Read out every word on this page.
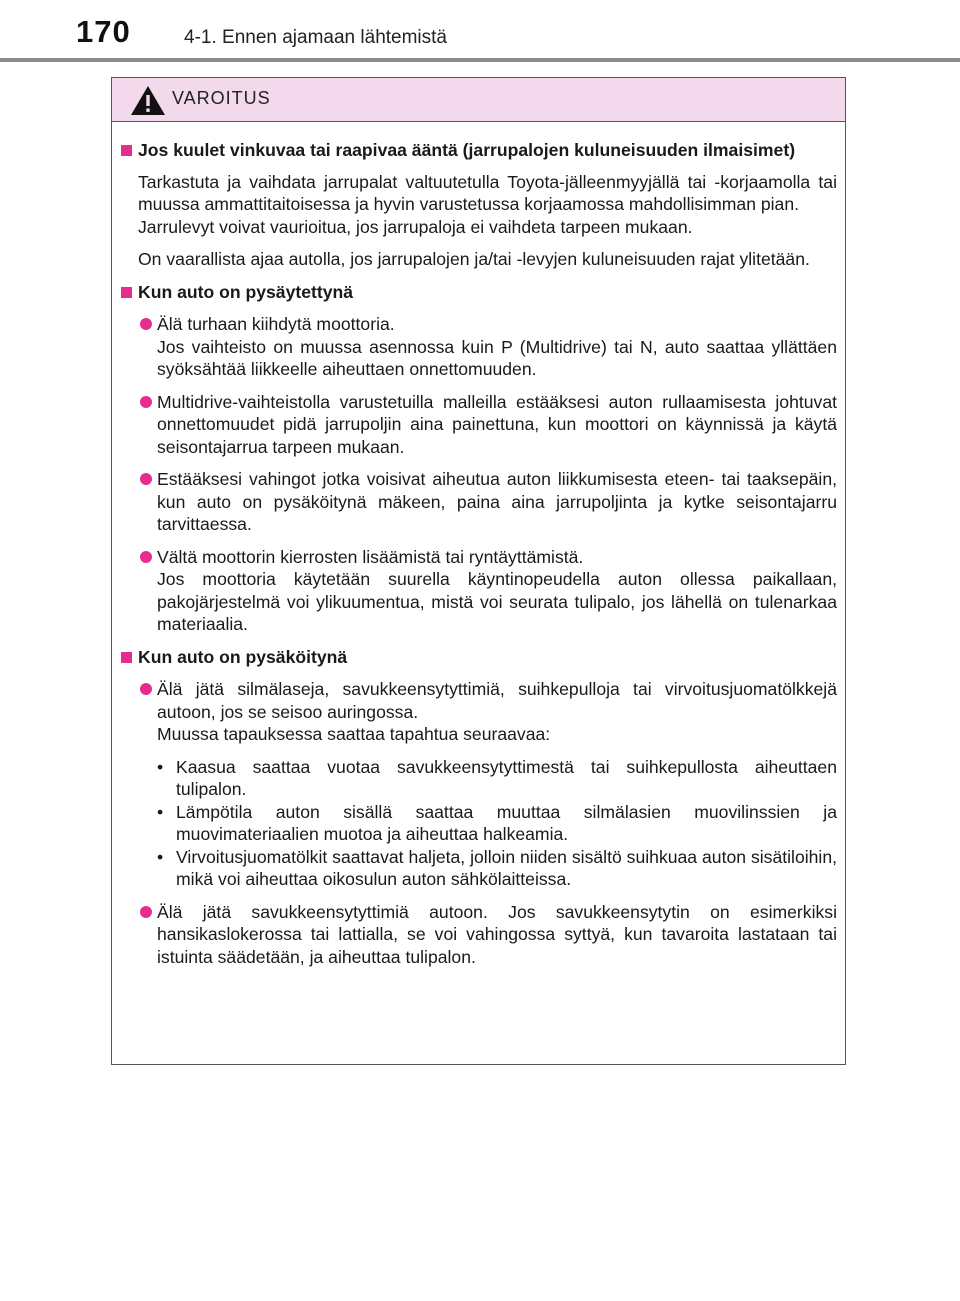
170	4-1. Ennen ajamaan lähtemistä
VAROITUS
Jos kuulet vinkuvaa tai raapivaa ääntä (jarrupalojen kuluneisuuden ilmaisimet)

Tarkastuta ja vaihdata jarrupalat valtuutetulla Toyota-jälleenmyyjällä tai -korjaamolla tai muussa ammattitaitoisessa ja hyvin varustetussa korjaamossa mahdollisimman pian.

Jarrulevyt voivat vaurioitua, jos jarrupaloja ei vaihdeta tarpeen mukaan.

On vaarallista ajaa autolla, jos jarrupalojen ja/tai -levyjen kuluneisuuden rajat ylitetään.

Kun auto on pysäytettynä
Älä turhaan kiihdytä moottoria.
Jos vaihteisto on muussa asennossa kuin P (Multidrive) tai N, auto saattaa yllättäen syöksähtää liikkeelle aiheuttaen onnettomuuden.
Multidrive-vaihteistolla varustetuilla malleilla estääksesi auton rullaamisesta johtuvat onnettomuudet pidä jarrupoljin aina painettuna, kun moottori on käynnissä ja käytä seisontajarrua tarpeen mukaan.
Estääksesi vahingot jotka voisivat aiheutua auton liikkumisesta eteen- tai taaksepäin, kun auto on pysäköitynä mäkeen, paina aina jarrupoljinta ja kytke seisontajarru tarvittaessa.
Vältä moottorin kierrosten lisäämistä tai ryntäyttämistä.
Jos moottoria käytetään suurella käyntinopeudella auton ollessa paikallaan, pakojärjestelmä voi ylikuumentua, mistä voi seurata tulipalo, jos lähellä on tulenarkaa materiaalia.
Kun auto on pysäköitynä
Älä jätä silmälaseja, savukkeensytyttimiä, suihkepulloja tai virvoitusjuomatölkkejä autoon, jos se seisoo auringossa.
Muussa tapauksessa saattaa tapahtua seuraavaa:
• Kaasua saattaa vuotaa savukkeensytyttimestä tai suihkepullosta aiheuttaen tulipalon.
• Lämpötila auton sisällä saattaa muuttaa silmälasien muovilinssien ja muovimateriaalien muotoa ja aiheuttaa halkeamia.
• Virvoitusjuomatölkit saattavat haljeta, jolloin niiden sisältö suihkuaa auton sisätiloihin, mikä voi aiheuttaa oikosulun auton sähkölaitteissa.
Älä jätä savukkeensytyttimiä autoon. Jos savukkeensytytin on esimerkiksi hansikaslokerossa tai lattialla, se voi vahingossa syttyä, kun tavaroita lastataan tai istuinta säädetään, ja aiheuttaa tulipalon.
